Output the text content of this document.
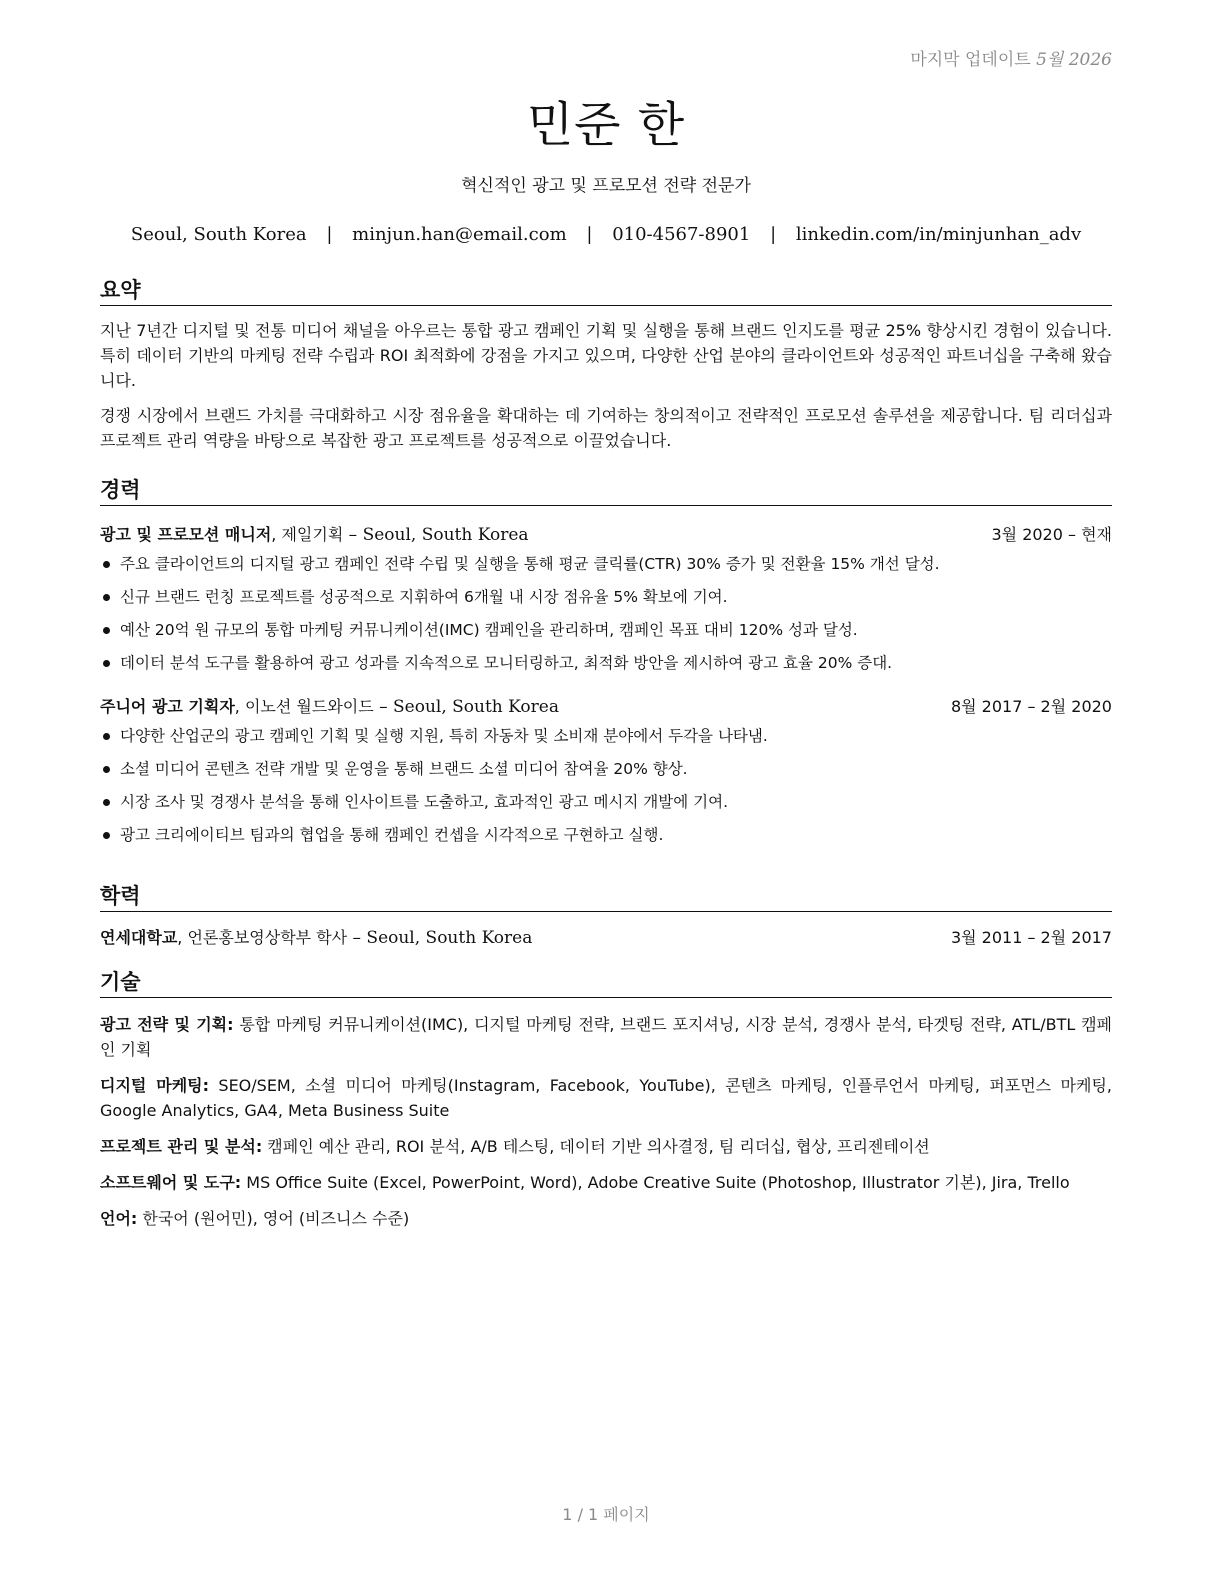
마지막 업데이트 5월 2026
민준 한
혁신적인 광고 및 프로모션 전략 전문가
Seoul, South Korea | minjun.han@email.com | 010-4567-8901 | linkedin.com/in/minjunhan_adv
요약

지난 7년간 디지털 및 전통 미디어 채널을 아우르는 통합 광고 캠페인 기획 및 실행을 통해 브랜드 인지도를 평균 25% 향상시킨 경험이 있습니다. 특히 데이터 기반의 마케팅 전략 수립과 ROI 최적화에 강점을 가지고 있으며, 다양한 산업 분야의 클라이언트와 성공적인 파트너십을 구축해 왔습니다.

경쟁 시장에서 브랜드 가치를 극대화하고 시장 점유율을 확대하는 데 기여하는 창의적이고 전략적인 프로모션 솔루션을 제공합니다. 팀 리더십과 프로젝트 관리 역량을 바탕으로 복잡한 광고 프로젝트를 성공적으로 이끌었습니다.

경력
광고 및 프로모션 매니저, 제일기획 – Seoul, South Korea	3월 2020 – 현재
주요 클라이언트의 디지털 광고 캠페인 전략 수립 및 실행을 통해 평균 클릭률(CTR) 30% 증가 및 전환율 15% 개선 달성.
신규 브랜드 런칭 프로젝트를 성공적으로 지휘하여 6개월 내 시장 점유율 5% 확보에 기여.
예산 20억 원 규모의 통합 마케팅 커뮤니케이션(IMC) 캠페인을 관리하며, 캠페인 목표 대비 120% 성과 달성.
데이터 분석 도구를 활용하여 광고 성과를 지속적으로 모니터링하고, 최적화 방안을 제시하여 광고 효율 20% 증대.
주니어 광고 기획자, 이노션 월드와이드 – Seoul, South Korea	8월 2017 – 2월 2020
다양한 산업군의 광고 캠페인 기획 및 실행 지원, 특히 자동차 및 소비재 분야에서 두각을 나타냄.
소셜 미디어 콘텐츠 전략 개발 및 운영을 통해 브랜드 소셜 미디어 참여율 20% 향상.
시장 조사 및 경쟁사 분석을 통해 인사이트를 도출하고, 효과적인 광고 메시지 개발에 기여.
광고 크리에이티브 팀과의 협업을 통해 캠페인 컨셉을 시각적으로 구현하고 실행.
학력
연세대학교, 언론홍보영상학부 학사 – Seoul, South Korea	3월 2011 – 2월 2017
기술

광고 전략 및 기획: 통합 마케팅 커뮤니케이션(IMC), 디지털 마케팅 전략, 브랜드 포지셔닝, 시장 분석, 경쟁사 분석, 타겟팅 전략, ATL/BTL 캠페인 기획

디지털 마케팅: SEO/SEM, 소셜 미디어 마케팅(Instagram, Facebook, YouTube), 콘텐츠 마케팅, 인플루언서 마케팅, 퍼포먼스 마케팅, Google Analytics, GA4, Meta Business Suite

프로젝트 관리 및 분석: 캠페인 예산 관리, ROI 분석, A/B 테스팅, 데이터 기반 의사결정, 팀 리더십, 협상, 프리젠테이션

소프트웨어 및 도구: MS Office Suite (Excel, PowerPoint, Word), Adobe Creative Suite (Photoshop, Illustrator 기본), Jira, Trello

언어: 한국어 (원어민), 영어 (비즈니스 수준)

1 / 1 페이지
